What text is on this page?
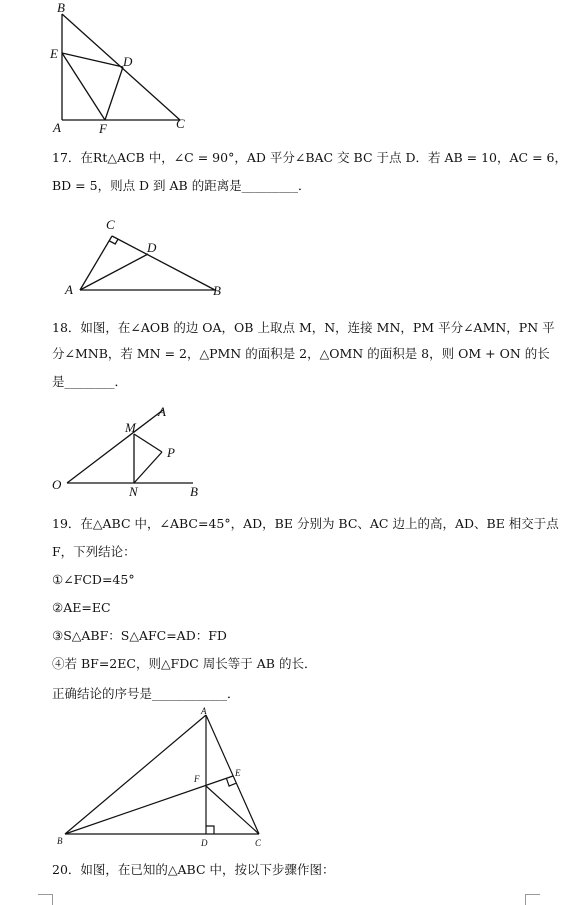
B
E
D
A	F	C
17．在Rt△ACB 中，∠C = 90°，AD 平分∠BAC 交 BC 于点 D．若 AB = 10，AC = 6，
BD = 5，则点 D 到 AB 的距离是_________．
C
D
A	B
18．如图，在∠AOB 的边 OA，OB 上取点 M，N，连接 MN，PM 平分∠AMN，PN 平
分∠MNB，若 MN = 2，△PMN 的面积是 2，△OMN 的面积是 8，则 OM + ON 的长
是________．
A
M
P
O	N	B
19．在△ABC 中，∠ABC=45°，AD，BE 分别为 BC、AC 边上的高，AD、BE 相交于点
F，下列结论：
①∠FCD=45°
②AE=EC
③S△ABF：S△AFC=AD：FD
④若 BF=2EC，则△FDC 周长等于 AB 的长．
正确结论的序号是____________．
A
E
F
B	D	C
20．如图，在已知的△ABC 中，按以下步骤作图：
